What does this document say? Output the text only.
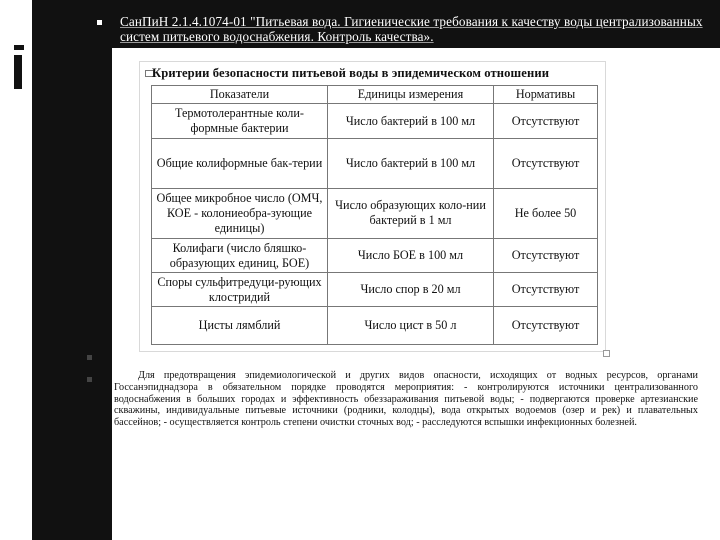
СанПиН 2.1.4.1074-01 "Питьевая вода. Гигиенические требования к качеству воды централизованных систем питьевого водоснабжения. Контроль качества».
Критерии безопасности питьевой воды в эпидемическом отношении
Показатели	Единицы измерения	Нормативы
Термотолерантные коли-формные бактерии	Число бактерий в 100 мл	Отсутствуют
Общие колиформные бак-терии	Число бактерий в 100 мл	Отсутствуют
Общее микробное число (ОМЧ, КОЕ - колониеобра-зующие единицы)	Число образующих коло-нии бактерий в 1 мл	Не более 50
Колифаги (число бляшко-образующих единиц, БОЕ)	Число БОЕ в 100 мл	Отсутствуют
Споры сульфитредуци-рующих клостридий	Число спор в 20 мл	Отсутствуют
Цисты лямблий	Число цист в 50 л	Отсутствуют
Для предотвращения эпидемиологической и других видов опасности, исходящих от водных ресурсов, органами Госсанэпиднадзора в обязательном порядке проводятся мероприятия: - контролируются источники централизованного водоснабжения в больших городах и эффективность обеззараживания питьевой воды; - подвергаются проверке артезианские скважины, индивидуальные питьевые источники (родники, колодцы), вода открытых водоемов (озер и рек) и плавательных бассейнов; - осуществляется контроль степени очистки сточных вод; - расследуются вспышки инфекционных болезней.
